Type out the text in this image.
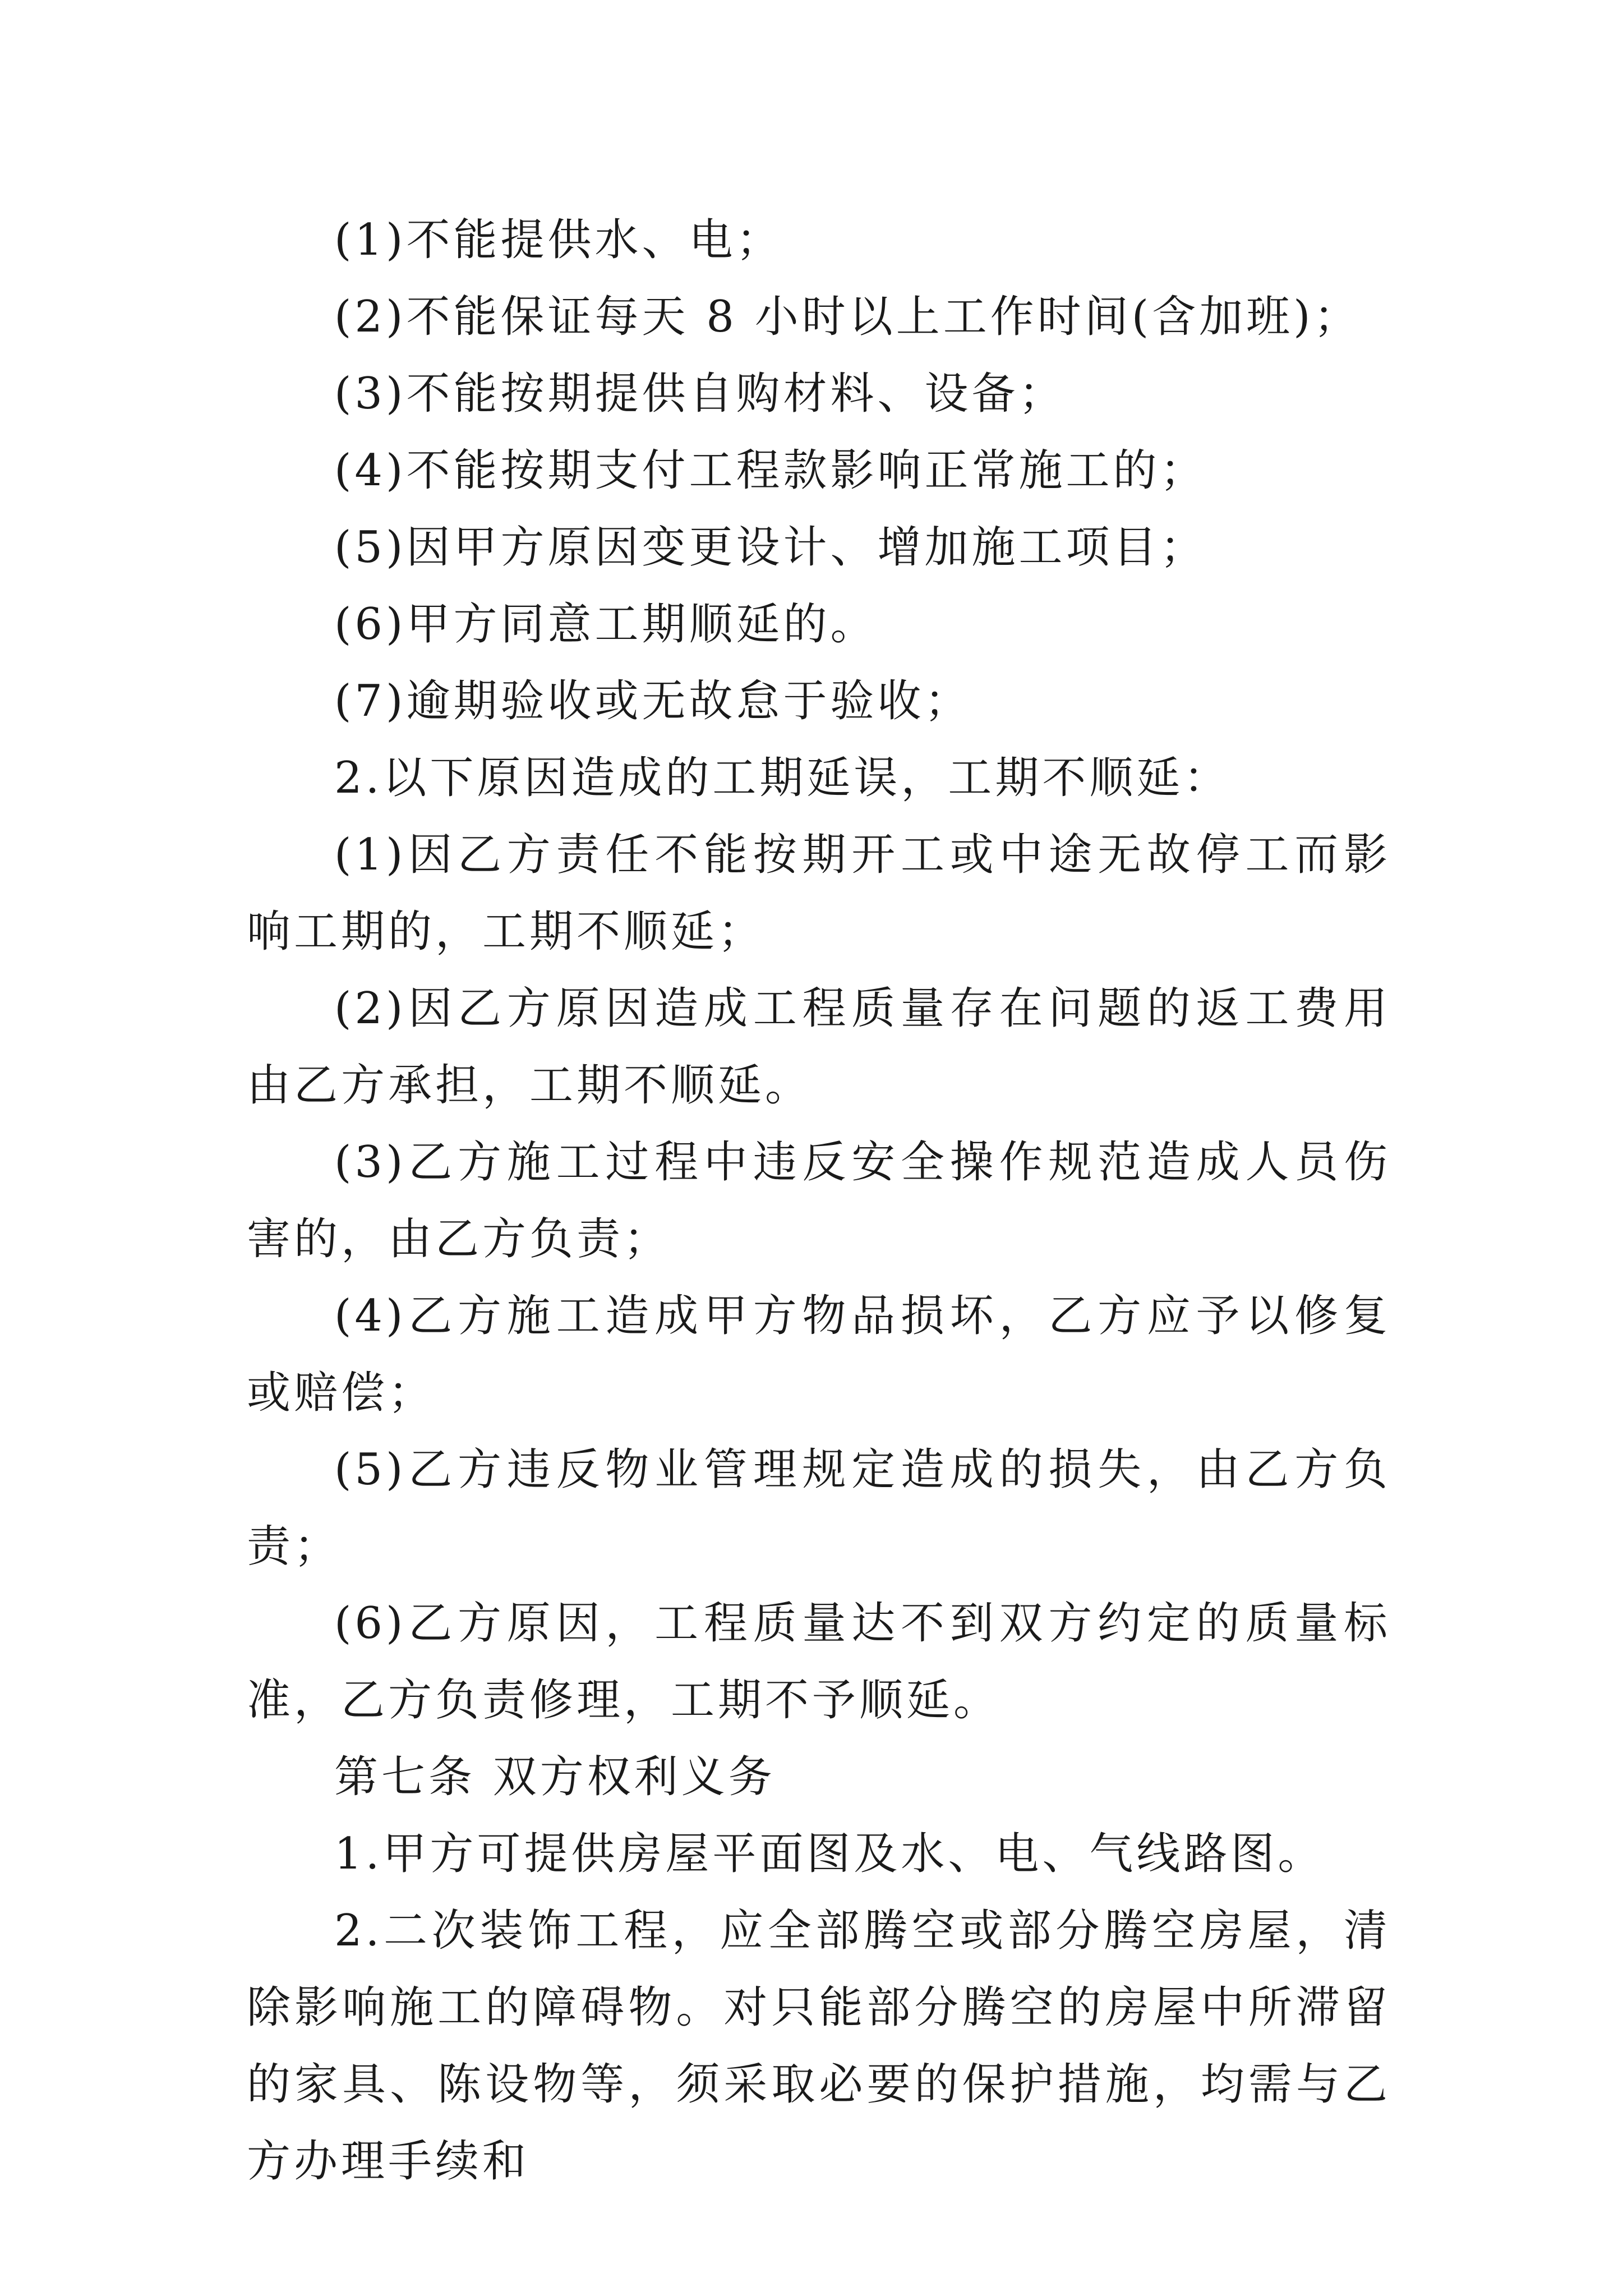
(1)不能提供水、电；

(2)不能保证每天 8 小时以上工作时间(含加班)；

(3)不能按期提供自购材料、设备；

(4)不能按期支付工程款影响正常施工的；

(5)因甲方原因变更设计、增加施工项目；

(6)甲方同意工期顺延的。

(7)逾期验收或无故怠于验收；

2.以下原因造成的工期延误，工期不顺延：

(1)因乙方责任不能按期开工或中途无故停工而影响工期的，工期不顺延；

(2)因乙方原因造成工程质量存在问题的返工费用由乙方承担，工期不顺延。

(3)乙方施工过程中违反安全操作规范造成人员伤害的，由乙方负责；

(4)乙方施工造成甲方物品损坏，乙方应予以修复或赔偿；

(5)乙方违反物业管理规定造成的损失，由乙方负责；

(6)乙方原因，工程质量达不到双方约定的质量标准，乙方负责修理，工期不予顺延。

第七条 双方权利义务

1.甲方可提供房屋平面图及水、电、气线路图。

2.二次装饰工程，应全部腾空或部分腾空房屋，清除影响施工的障碍物。对只能部分腾空的房屋中所滞留的家具、陈设物等，须采取必要的保护措施，均需与乙方办理手续和
